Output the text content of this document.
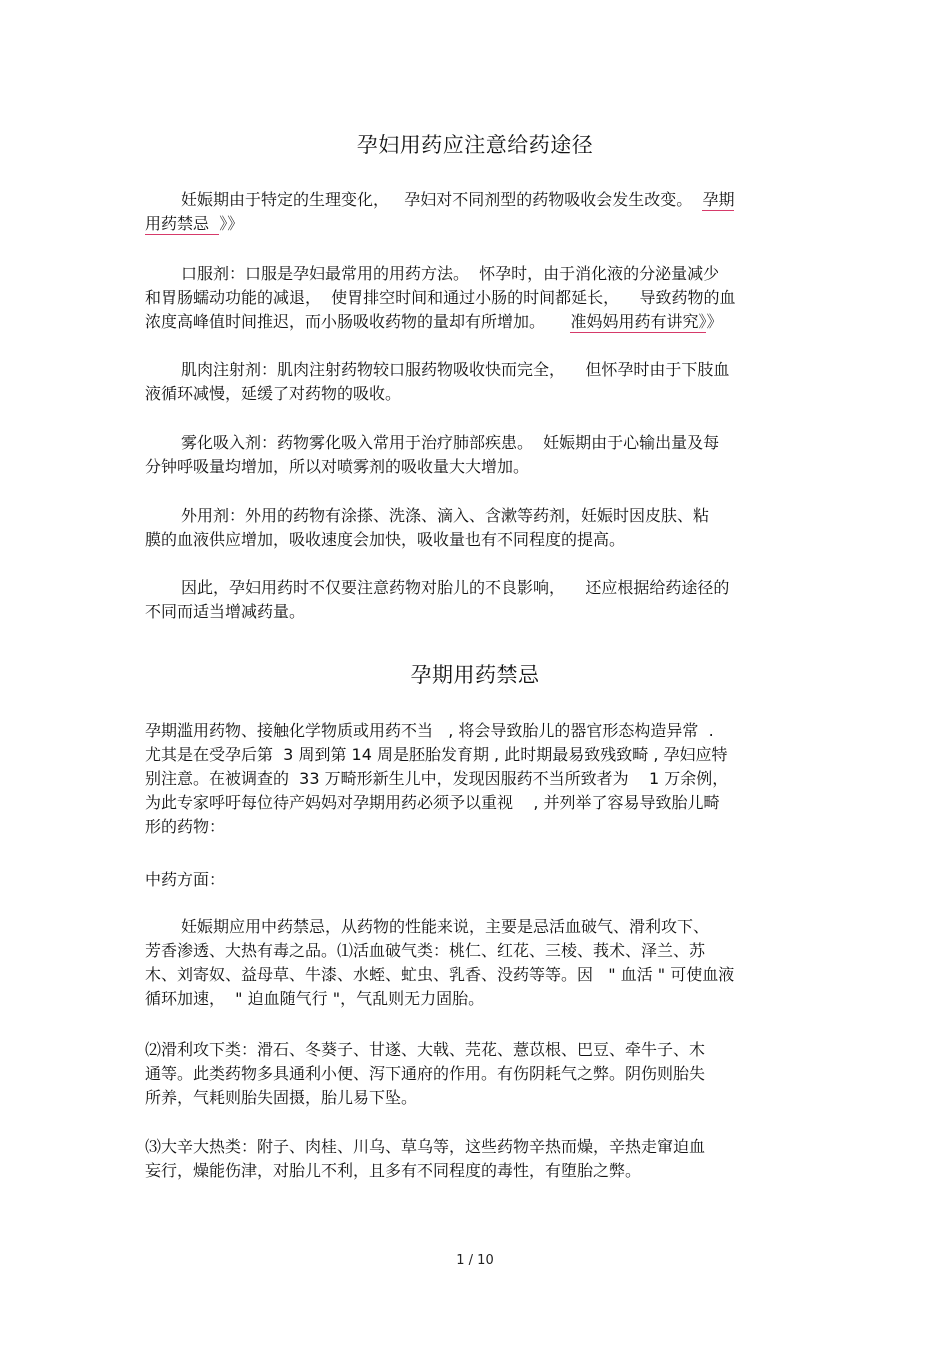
孕妇用药应注意给药途径
妊娠期由于特定的生理变化，   孕妇对不同剂型的药物吸收会发生改变。  孕期
用药禁忌  》》
口服剂：口服是孕妇最常用的用药方法。  怀孕时，由于消化液的分泌量减少
和胃肠蠕动功能的减退，  使胃排空时间和通过小肠的时间都延长，    导致药物的血
浓度高峰值时间推迟，而小肠吸收药物的量却有所增加。     准妈妈用药有讲究》》
肌肉注射剂：肌肉注射药物较口服药物吸收快而完全，    但怀孕时由于下肢血
液循环减慢，延缓了对药物的吸收。
雾化吸入剂：药物雾化吸入常用于治疗肺部疾患。  妊娠期由于心输出量及每
分钟呼吸量均增加，所以对喷雾剂的吸收量大大增加。
外用剂：外用的药物有涂搽、洗涤、滴入、含漱等药剂，妊娠时因皮肤、粘
膜的血液供应增加，吸收速度会加快，吸收量也有不同程度的提高。
因此，孕妇用药时不仅要注意药物对胎儿的不良影响，    还应根据给药途径的
不同而适当增减药量。
孕期用药禁忌
孕期滥用药物、接触化学物质或用药不当   , 将会导致胎儿的器官形态构造异常  .
尤其是在受孕后第  3 周到第 14 周是胚胎发育期 , 此时期最易致残致畸 , 孕妇应特
别注意。在被调查的  33 万畸形新生儿中，发现因服药不当所致者为    1 万余例，
为此专家呼吁每位待产妈妈对孕期用药必须予以重视    , 并列举了容易导致胎儿畸
形的药物：
中药方面：
妊娠期应用中药禁忌，从药物的性能来说，主要是忌活血破气、滑利攻下、
芳香渗透、大热有毒之品。⑴活血破气类：桃仁、红花、三棱、莪术、泽兰、苏
木、刘寄奴、益母草、牛漆、水蛭、虻虫、乳香、没药等等。因   " 血活 " 可使血液
循环加速，  " 迫血随气行 "，气乱则无力固胎。
⑵滑利攻下类：滑石、冬葵子、甘遂、大戟、芫花、薏苡根、巴豆、牵牛子、木
通等。此类药物多具通利小便、泻下通府的作用。有伤阴耗气之弊。阴伤则胎失
所养，气耗则胎失固摄，胎儿易下坠。
⑶大辛大热类：附子、肉桂、川乌、草乌等，这些药物辛热而燥，辛热走窜迫血
妄行，燥能伤津，对胎儿不利，且多有不同程度的毒性，有堕胎之弊。
1 / 10
